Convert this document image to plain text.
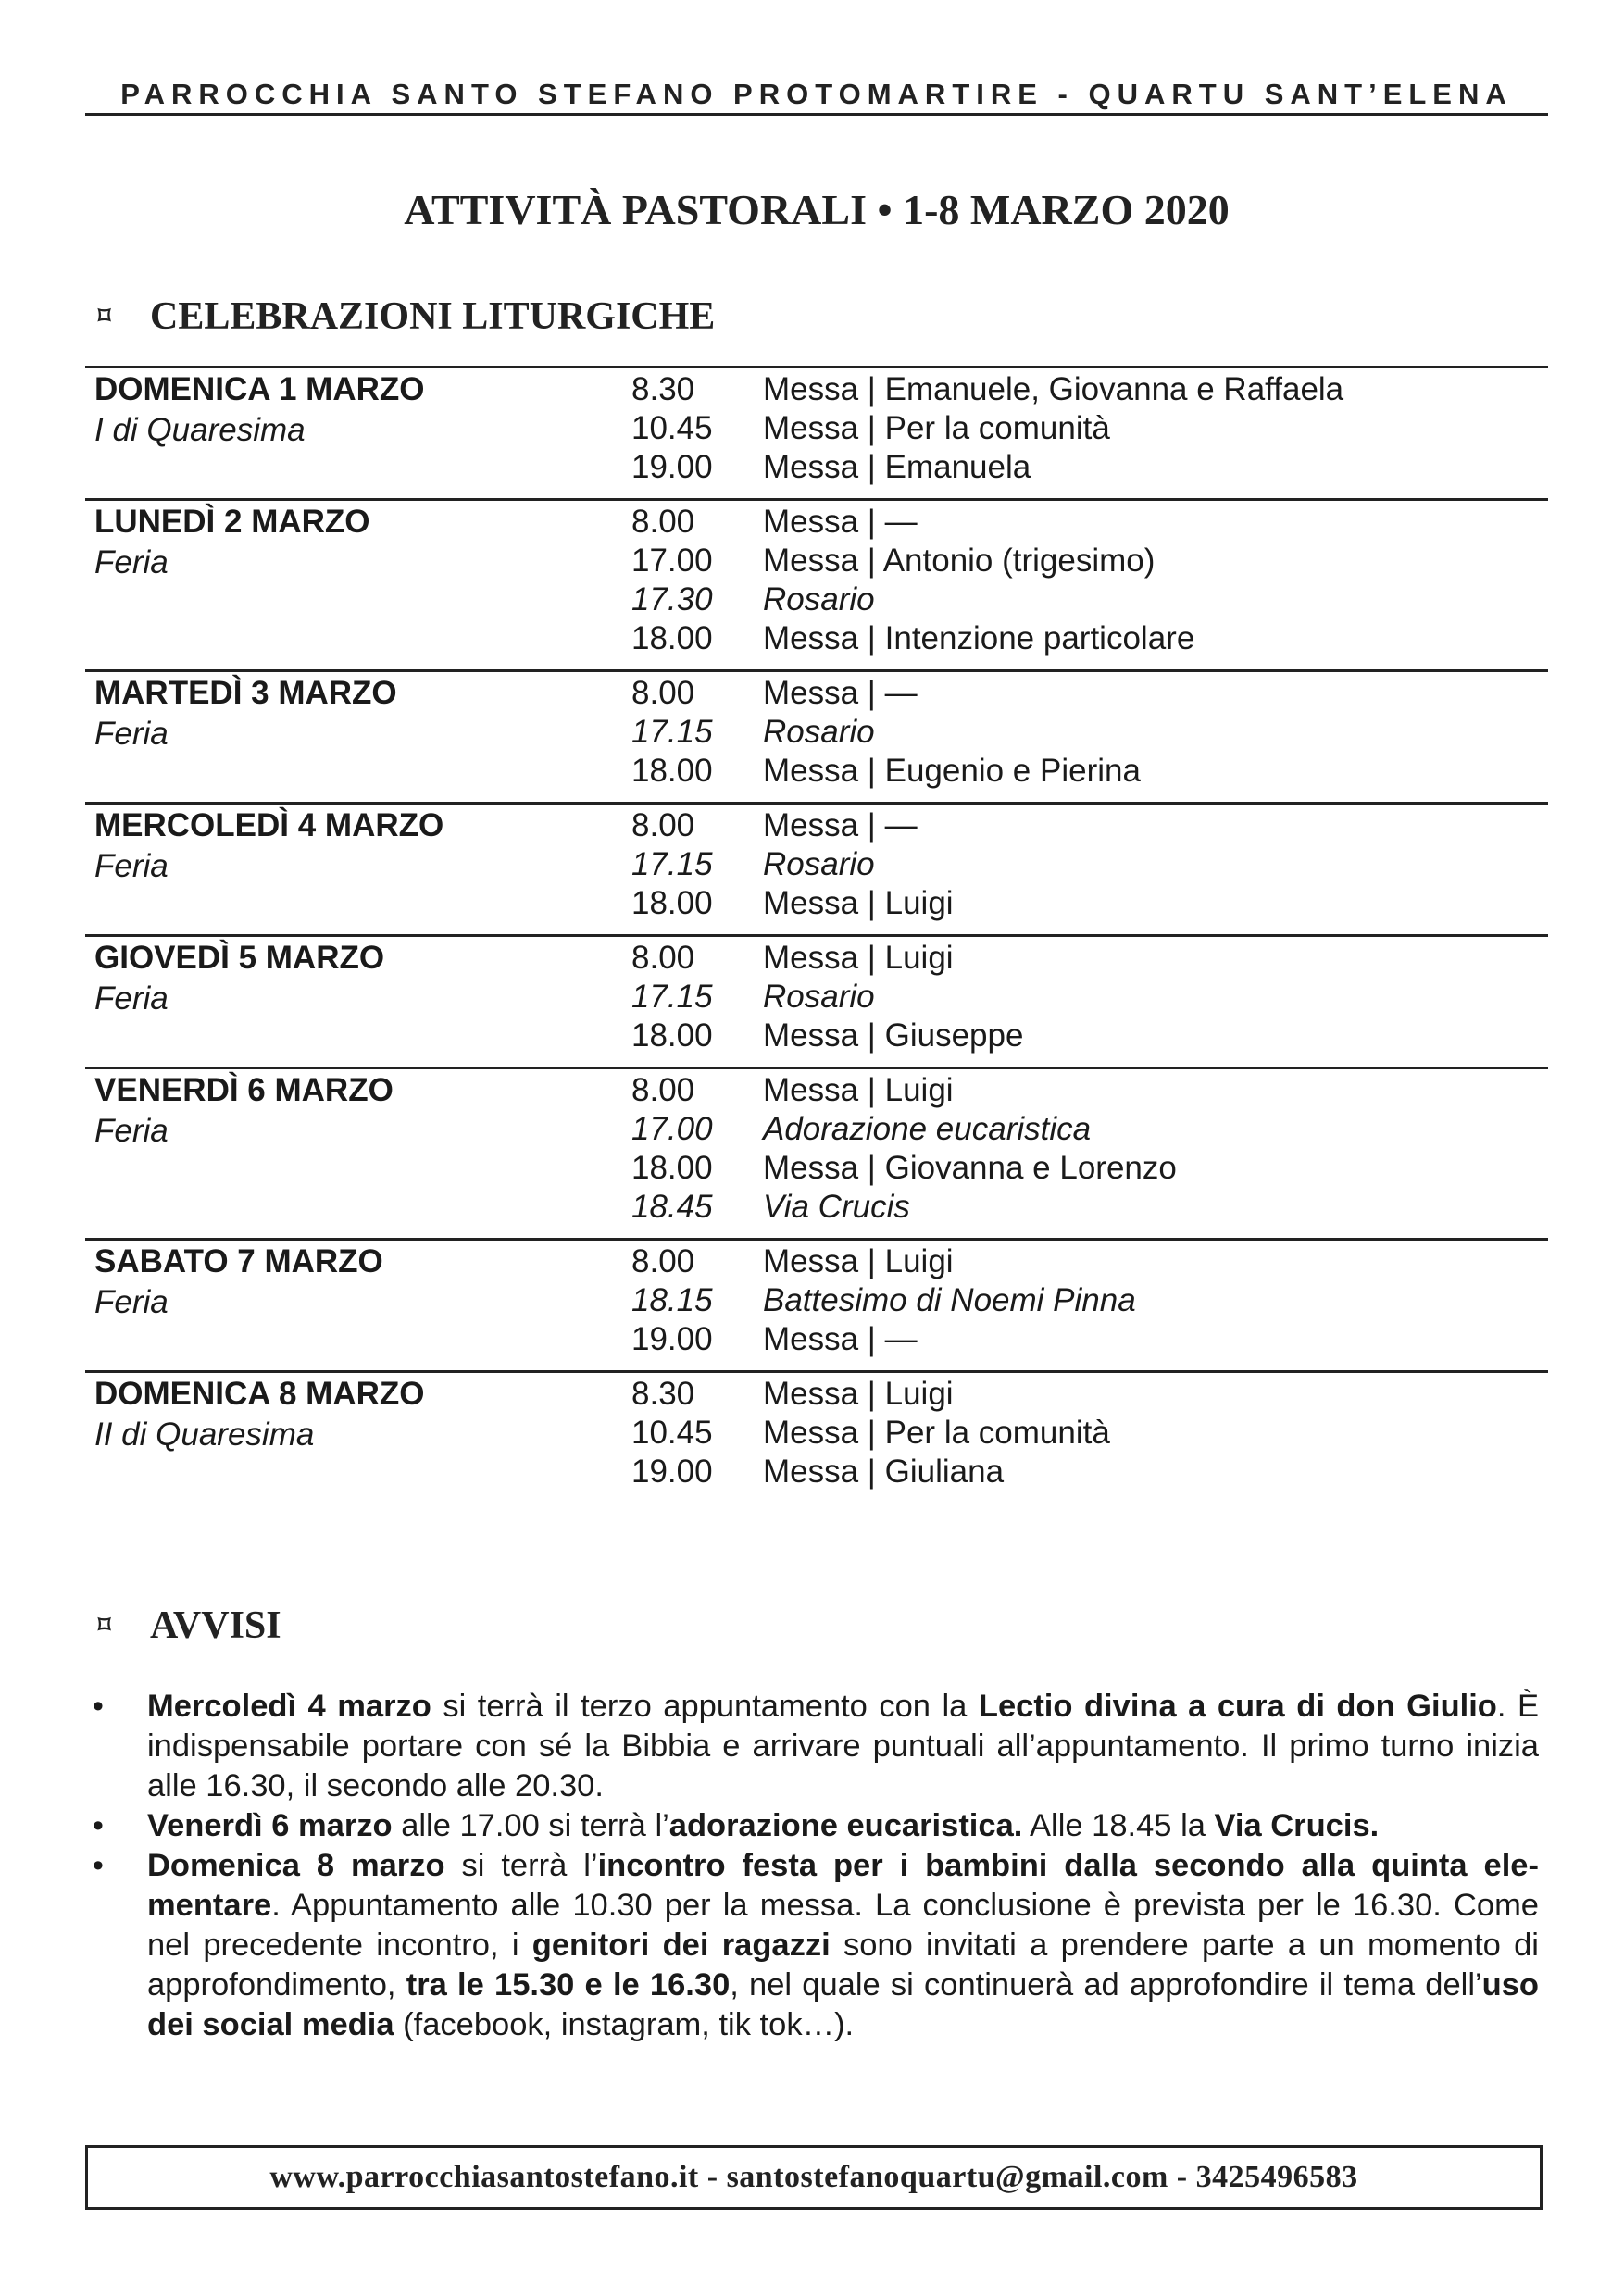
PARROCCHIA SANTO STEFANO PROTOMARTIRE - QUARTU SANT’ELENA
ATTIVITÀ PASTORALI • 1-8 MARZO 2020
⌑	CELEBRAZIONI LITURGICHE
DOMENICA 1 MARZO
I di Quaresima
8.30	Messa | Emanuele, Giovanna e Raffaela
10.45	Messa | Per la comunità
19.00	Messa | Emanuela
LUNEDÌ 2 MARZO
Feria
8.00	Messa | —
17.00	Messa | Antonio (trigesimo)
17.30	Rosario
18.00	Messa | Intenzione particolare
MARTEDÌ 3 MARZO
Feria
8.00	Messa | —
17.15	Rosario
18.00	Messa | Eugenio e Pierina
MERCOLEDÌ 4 MARZO
Feria
8.00	Messa | —
17.15	Rosario
18.00	Messa | Luigi
GIOVEDÌ 5 MARZO
Feria
8.00	Messa | Luigi
17.15	Rosario
18.00	Messa | Giuseppe
VENERDÌ 6 MARZO
Feria
8.00	Messa | Luigi
17.00	Adorazione eucaristica
18.00	Messa | Giovanna e Lorenzo
18.45	Via Crucis
SABATO 7 MARZO
Feria
8.00	Messa | Luigi
18.15	Battesimo di Noemi Pinna
19.00	Messa | —
DOMENICA 8 MARZO
II di Quaresima
8.30	Messa | Luigi
10.45	Messa | Per la comunità
19.00	Messa | Giuliana
⌑	AVVISI
• Mercoledì 4 marzo si terrà il terzo appuntamento con la Lectio divina a cura di don Giulio. È indispensabile portare con sé la Bibbia e arrivare puntuali all’appuntamento. Il primo turno inizia alle 16.30, il secondo alle 20.30.
• Venerdì 6 marzo alle 17.00 si terrà l’adorazione eucaristica. Alle 18.45 la Via Crucis.
• Domenica 8 marzo si terrà l’incontro festa per i bambini dalla secondo alla quinta elementare. Appuntamento alle 10.30 per la messa. La conclusione è prevista per le 16.30. Come nel precedente incontro, i genitori dei ragazzi sono invitati a prendere parte a un momento di approfondimento, tra le 15.30 e le 16.30, nel quale si continuerà ad approfondire il tema dell’uso dei social media (facebook, instagram, tik tok…).
www.parrocchiasantostefano.it - santostefanoquartu@gmail.com - 3425496583
